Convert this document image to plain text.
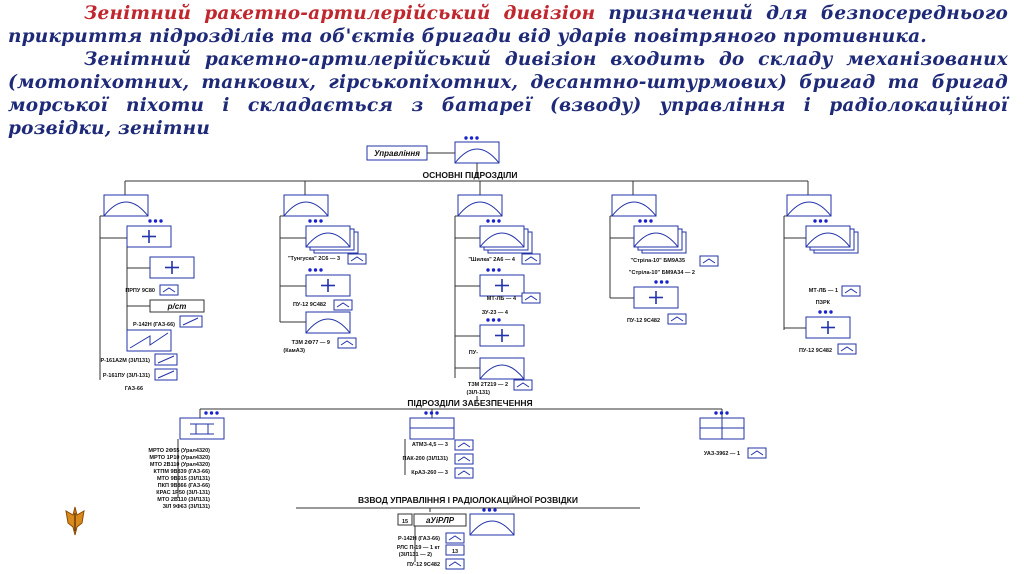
Зенітний ракетно-артилерійський дивізіон призначений для безпосереднього прикриття підрозділів та об'єктів бригади від ударів повітряного противника.
Зенітний ракетно-артилерійський дивізіон входить до складу механізованих (мотопіхотних, танкових, гірськопіхотних, десантно-штурмових) бригад та бригад морської піхоти і складається з батареї (взводу) управління і радіолокаційної розвідки, зенітни
Управління
ОСНОВНІ ПІДРОЗДІЛИ
ПРПУ 9С80
р/ст
Р-142Н (ГАЗ-66)
Р-161А2М (ЗІЛ131)
Р-161ПУ (ЗІЛ-131)
ГАЗ-66
"Тунгуска" 2С6 — 3
ПУ-12 9С482
ТЗМ 2Ф77 — 9
(КамАЗ)
"Шилка" 2А6 — 4
МТ-ЛБ — 4
ЗУ-23 — 4
ПУ-
ТЗМ 2Т219 — 2
(ЗІЛ-131)
"Стріла-10" БМ9А35
"Стріла-10" БМ9А34 — 2
ПУ-12 9С482
МТ-ЛБ — 1
ПЗРК
ПУ-12 9С482
ПІДРОЗДІЛИ ЗАБЕЗПЕЧЕННЯ
МРТО 2Ф55 (Урал4320)
МРТО 1Р10 (Урал4320)
МТО 2В110 (Урал4320)
КТПМ 9В839 (ГАЗ-66)
МТО 9В915 (ЗІЛ131)
ПКП 9В866 (ГАЗ-66)
КРАС 1Р50 (ЗІЛ-131)
МТО 2В110 (ЗІЛ131)
ЗІЛ 9Ф63 (ЗІЛ131)
АТМЗ-4,5 — 3
ПАК-200 (ЗІЛ131)
КрАЗ-260 — 3
УАЗ-3962 — 1
ВЗВОД УПРАВЛІННЯ І РАДІОЛОКАЦІЙНОЇ РОЗВІДКИ
15 аУіРЛР
Р-142Н (ГАЗ-66)
РЛС П-19 — 1 кт
(ЗІЛ131 — 2)	13
ПУ-12 9С482
